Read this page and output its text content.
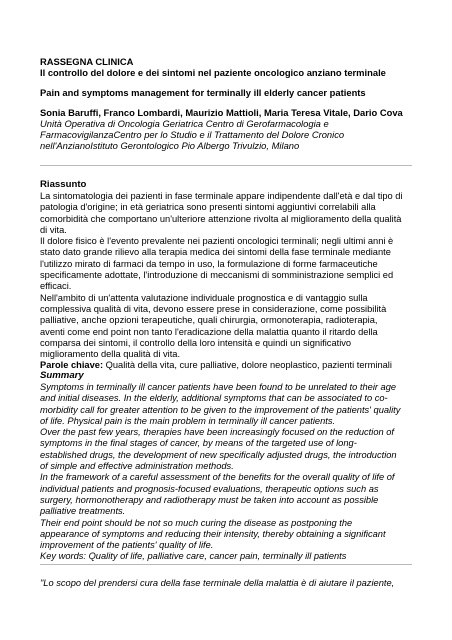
RASSEGNA CLINICA
Il controllo del dolore e dei sintomi nel paziente oncologico anziano terminale
Pain and symptoms management for terminally ill elderly cancer patients
Sonia Baruffi, Franco Lombardi, Maurizio Mattioli, Maria Teresa Vitale, Dario Cova
Unità Operativa di Oncologia Geriatrica Centro di Gerofarmacologia e
FarmacovigilanzaCentro per lo Studio e il Trattamento del Dolore Cronico
nell'AnzianoIstituto Gerontologico Pio Albergo Trivulzio, Milano
Riassunto
La sintomatologia dei pazienti in fase terminale appare indipendente dall'età e dal tipo di
patologia d'origine; in età geriatrica sono presenti sintomi aggiuntivi correlabili alla
comorbidità che comportano un'ulteriore attenzione rivolta al miglioramento della qualità
di vita.
Il dolore fisico è l'evento prevalente nei pazienti oncologici terminali; negli ultimi anni è
stato dato grande rilievo alla terapia medica dei sintomi della fase terminale mediante
l'utilizzo mirato di farmaci da tempo in uso, la formulazione di forme farmaceutiche
specificamente adottate, l'introduzione di meccanismi di somministrazione semplici ed
efficaci.
Nell'ambito di un'attenta valutazione individuale prognostica e di vantaggio sulla
complessiva qualità di vita, devono essere prese in considerazione, come possibilità
palliative, anche opzioni terapeutiche, quali chirurgia, ormonoterapia, radioterapia,
aventi come end point non tanto l'eradicazione della malattia quanto il ritardo della
comparsa dei sintomi, il controllo della loro intensità e quindi un significativo
miglioramento della qualità di vita.
Parole chiave: Qualità della vita, cure palliative, dolore neoplastico, pazienti terminali
Summary
Symptoms in terminally ill cancer patients have been found to be unrelated to their age
and initial diseases. In the elderly, additional symptoms that can be associated to co-
morbidity call for greater attention to be given to the improvement of the patients' quality
of life. Physical pain is the main problem in terminally ill cancer patients.
Over the past few years, therapies have been increasingly focused on the reduction of
symptoms in the final stages of cancer, by means of the targeted use of long-
established drugs, the development of new specifically adjusted drugs, the introduction
of simple and effective administration methods.
In the framework of a careful assessment of the benefits for the overall quality of life of
individual patients and prognosis-focused evaluations, therapeutic options such as
surgery, hormonotherapy and radiotherapy must be taken into account as possible
palliative treatments.
Their end point should be not so much curing the disease as postponing the
appearance of symptoms and reducing their intensity, thereby obtaining a significant
improvement of the patients' quality of life.
Key words: Quality of life, palliative care, cancer pain, terminally ill patients
"Lo scopo del prendersi cura della fase terminale della malattia è di aiutare il paziente,
